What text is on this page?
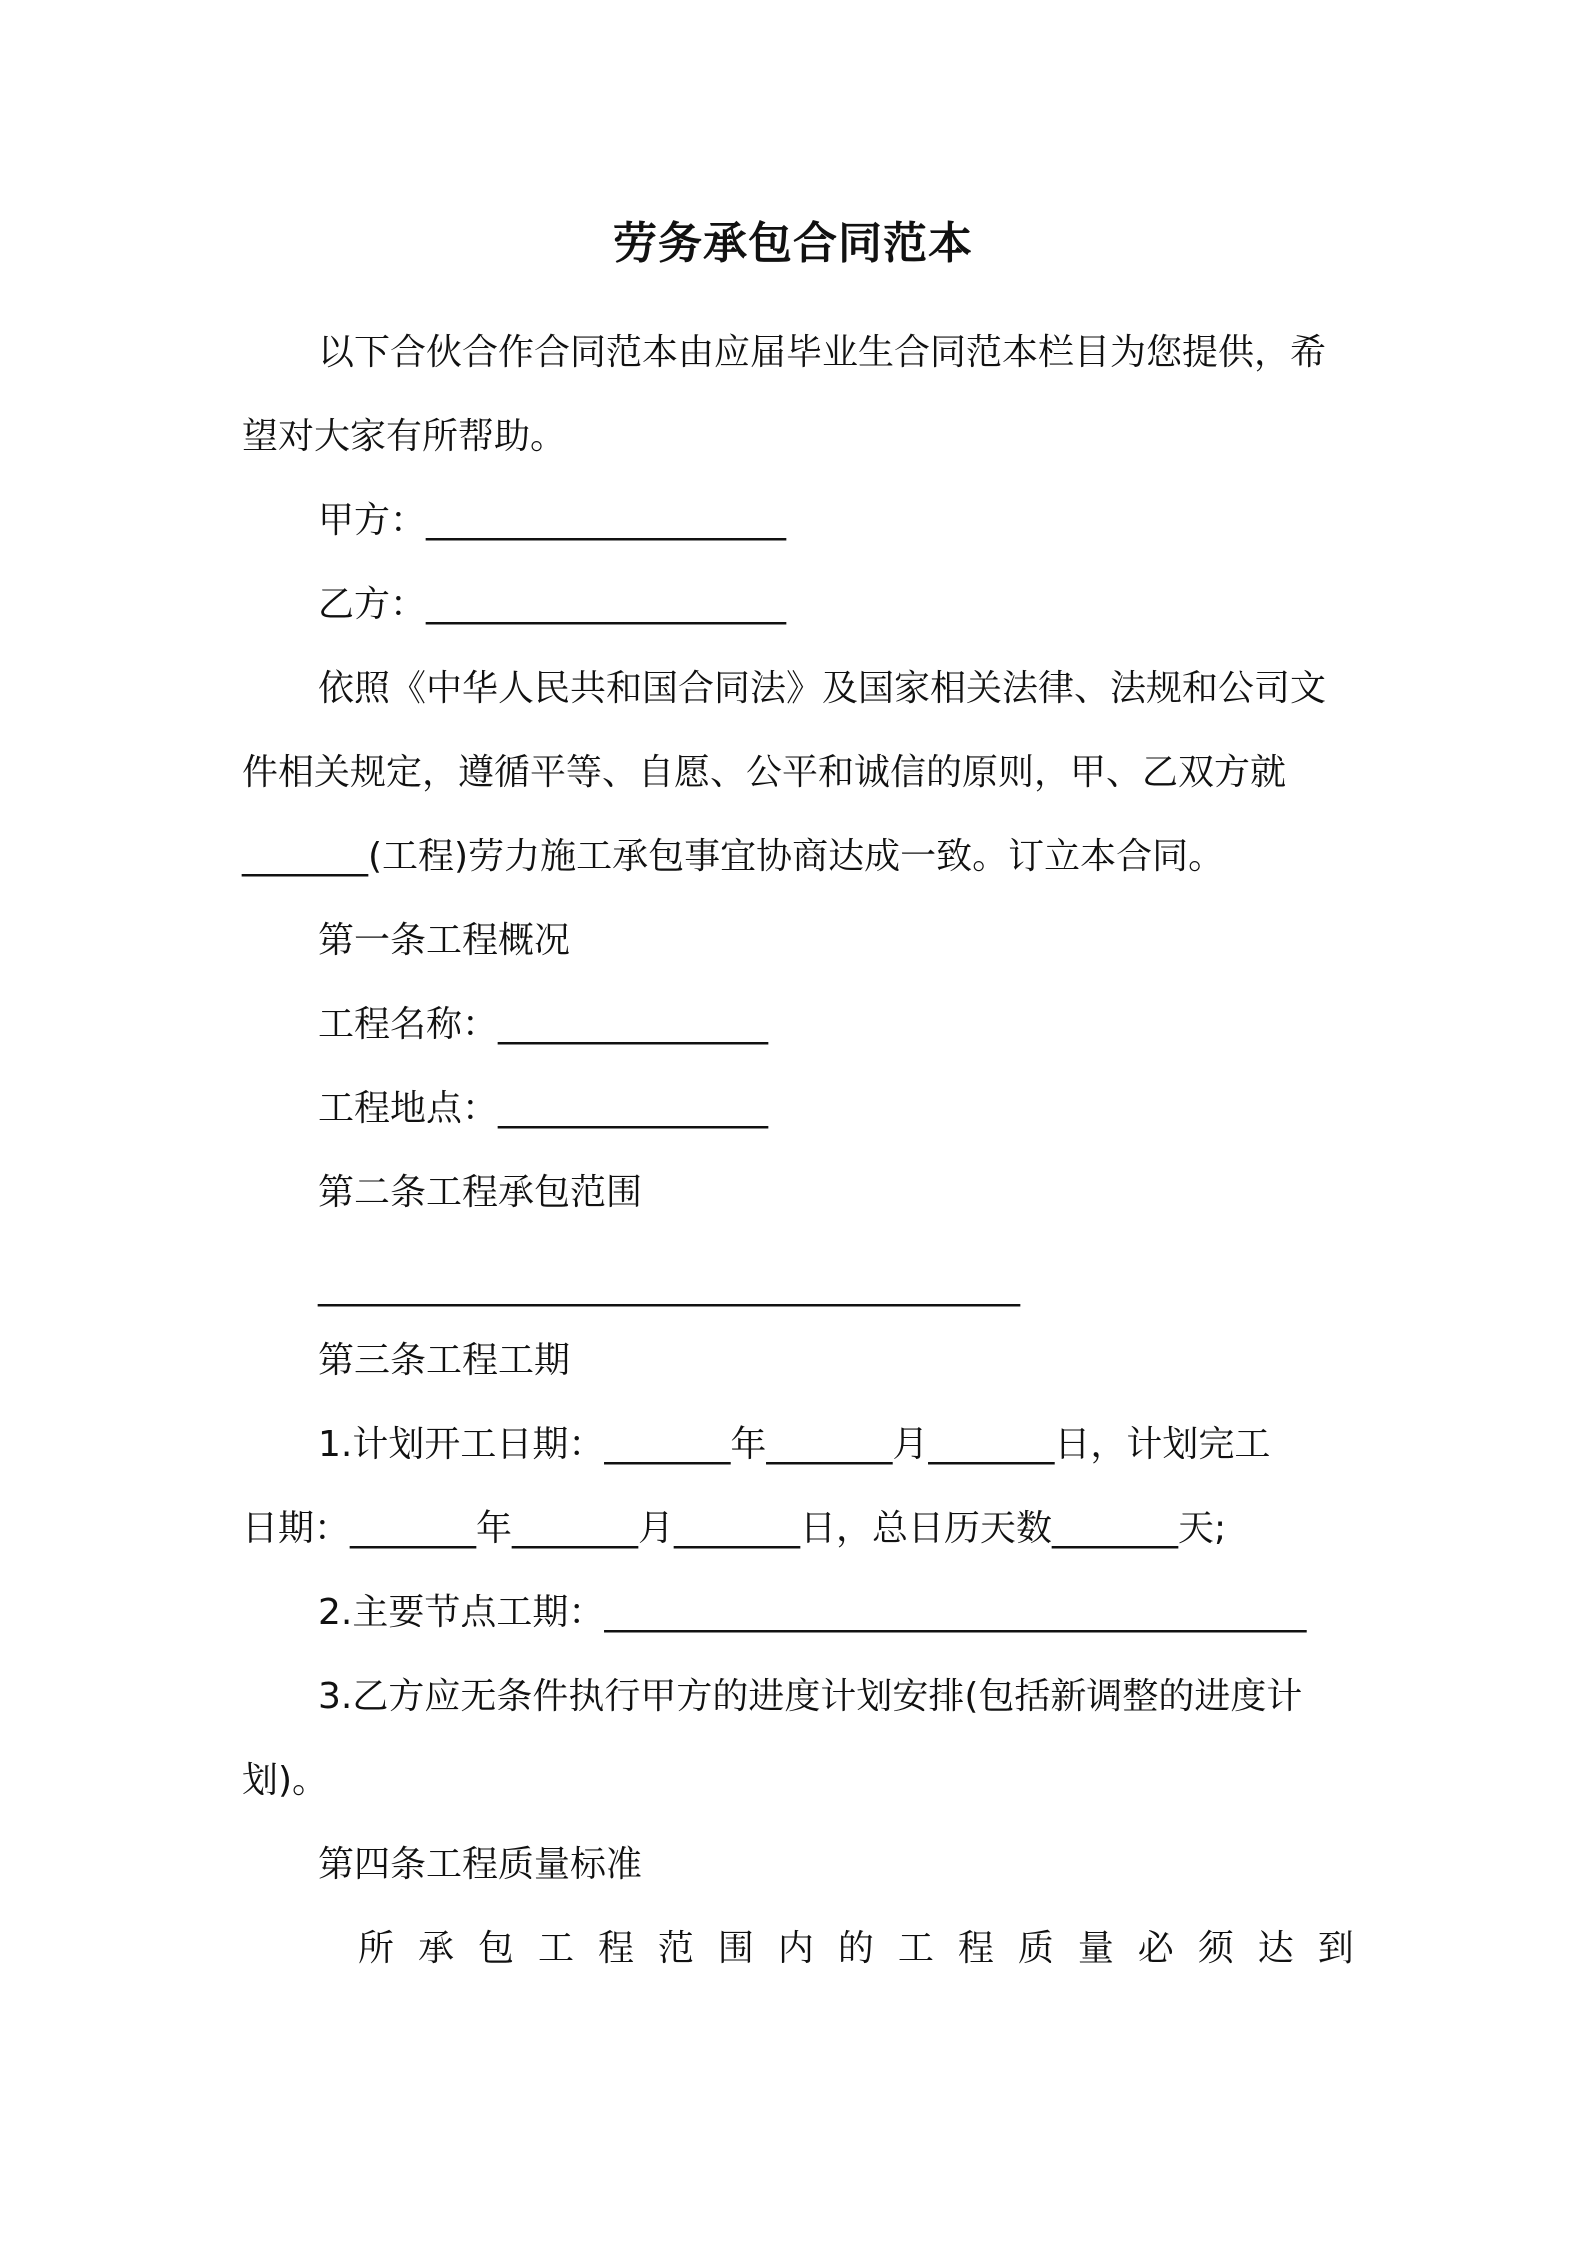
劳务承包合同范本
以下合伙合作合同范本由应届毕业生合同范本栏目为您提供，希
望对大家有所帮助。
甲方：____________________
乙方：____________________
依照《中华人民共和国合同法》及国家相关法律、法规和公司文
件相关规定，遵循平等、自愿、公平和诚信的原则，甲、乙双方就
_______(工程)劳力施工承包事宜协商达成一致。订立本合同。
第一条工程概况
工程名称：_______________
工程地点：_______________
第二条工程承包范围
_______________________________________
第三条工程工期
1.计划开工日期：_______年_______月_______日，计划完工
日期：_______年_______月_______日，总日历天数_______天;
2.主要节点工期：_______________________________________
3.乙方应无条件执行甲方的进度计划安排(包括新调整的进度计
划)。
第四条工程质量标准
所 承 包 工 程 范 围 内 的 工 程 质 量 必 须 达 到
